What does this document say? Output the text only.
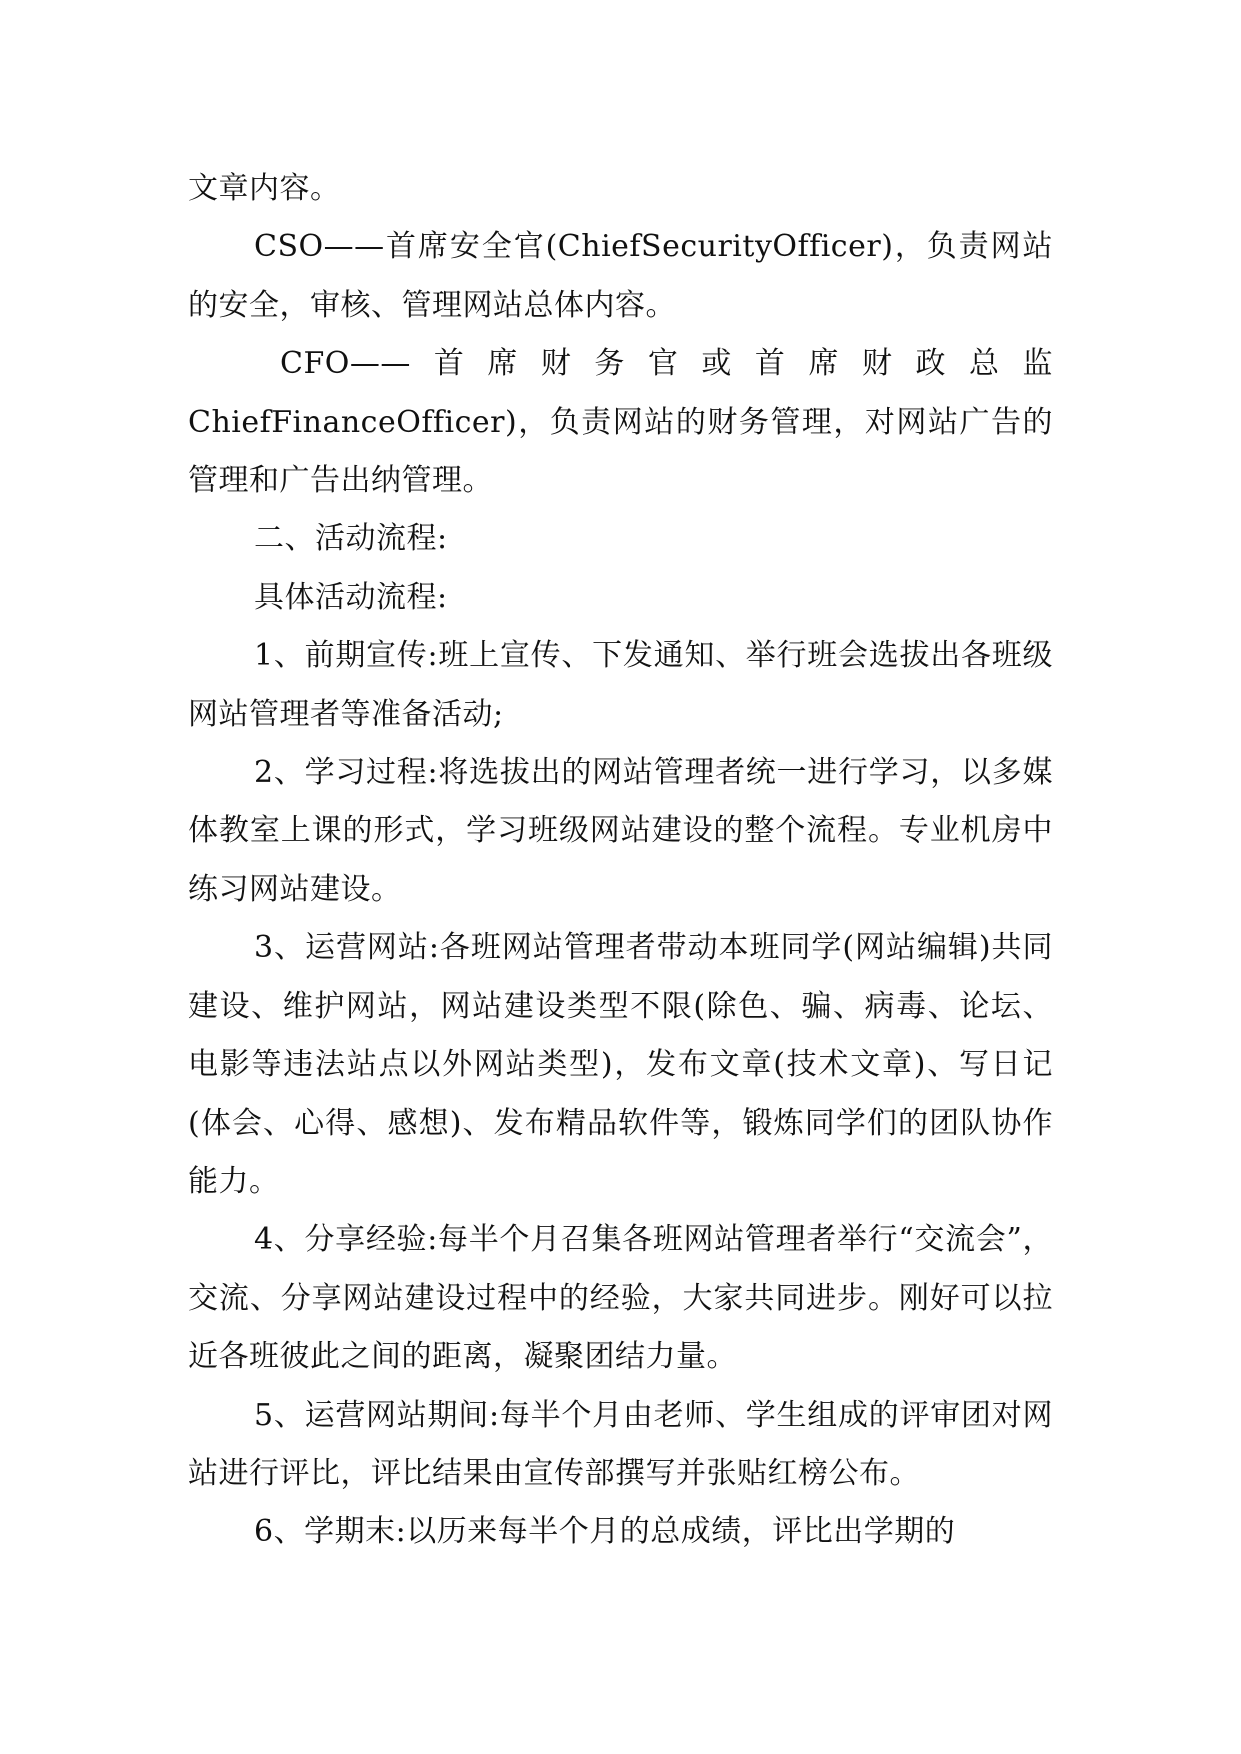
文章内容。

CSO——首席安全官(ChiefSecurityOfficer)，负责网站的安全，审核、管理网站总体内容。

CFO——首席财务官或首席财政总监ChiefFinanceOfficer)，负责网站的财务管理，对网站广告的管理和广告出纳管理。

二、活动流程:

具体活动流程:

1、前期宣传:班上宣传、下发通知、举行班会选拔出各班级网站管理者等准备活动;

2、学习过程:将选拔出的网站管理者统一进行学习，以多媒体教室上课的形式，学习班级网站建设的整个流程。专业机房中练习网站建设。

3、运营网站:各班网站管理者带动本班同学(网站编辑)共同建设、维护网站，网站建设类型不限(除色、骗、病毒、论坛、电影等违法站点以外网站类型)，发布文章(技术文章)、写日记(体会、心得、感想)、发布精品软件等，锻炼同学们的团队协作能力。

4、分享经验:每半个月召集各班网站管理者举行“交流会”，交流、分享网站建设过程中的经验，大家共同进步。刚好可以拉近各班彼此之间的距离，凝聚团结力量。

5、运营网站期间:每半个月由老师、学生组成的评审团对网站进行评比，评比结果由宣传部撰写并张贴红榜公布。

6、学期末:以历来每半个月的总成绩，评比出学期的
